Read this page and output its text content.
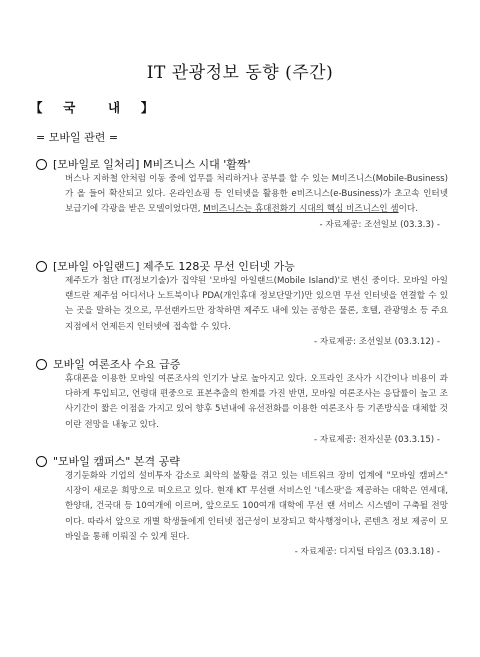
IT 관광정보 동향 (주간)
【 국	내 】
= 모바일 관련 =
[모바일로 일처리] M비즈니스 시대 '활짝'
버스나 지하철 안처럼 이동 중에 업무를 처리하거나 공부를 할 수 있는 M비즈니스(Mobile-Business)가 올 들어 확산되고 있다. 온라인쇼핑 등 인터넷을 활용한 e비즈니스(e-Business)가 초고속 인터넷 보급기에 각광을 받은 모델이었다면, M비즈니스는 휴대전화기 시대의 핵심 비즈니스인 셈이다.
- 자료제공: 조선일보 (03.3.3) -
[모바일 아일랜드] 제주도 128곳 무선 인터넷 가능
제주도가 첨단 IT(정보기술)가 집약된 '모바일 아일랜드(Mobile Island)'로 변신 중이다. 모바일 아일랜드란 제주섬 어디서나 노트북이나 PDA(개인휴대 정보단말기)만 있으면 무선 인터넷을 연결할 수 있는 곳을 말하는 것으로, 무선랜카드만 장착하면 제주도 내에 있는 공항은 물론, 호텔, 관광명소 등 주요 지점에서 언제든지 인터넷에 접속할 수 있다.
- 자료제공: 조선일보 (03.3.12) -
모바일 여론조사 수요 급증
휴대폰을 이용한 모바일 여론조사의 인기가 날로 높아지고 있다. 오프라인 조사가 시간이나 비용이 과다하게 투입되고, 언령대 편중으로 표본추출의 한계를 가진 반면, 모바일 여론조사는 응답률이 높고 조사기간이 짧은 이점을 가지고 있어 향후 5년내에 유선전화를 이용한 여론조사 등 기존방식을 대체할 것이란 전망을 내놓고 있다.
- 자료제공: 전자신문 (03.3.15) -
"모바일 캠퍼스" 본격 공략
경기둔화와 기업의 설비투자 감소로 최악의 불황을 겪고 있는 네트워크 장비 업계에 "모바일 캠퍼스" 시장이 새로운 희망으로 떠오르고 있다. 현재 KT 무선랜 서비스인 '네스팟'을 제공하는 대학은 연세대, 한양대, 건국대 등 10여개에 이르며, 앞으로도 100여개 대학에 무선 랜 서비스 시스템이 구축될 전망이다. 따라서 앞으로 개별 학생들에게 인터넷 접근성이 보장되고 학사행정이나, 콘텐츠 정보 제공이 모바일을 통해 이뤄질 수 있게 된다.
- 자료제공: 디지털 타임즈 (03.3.18) -
